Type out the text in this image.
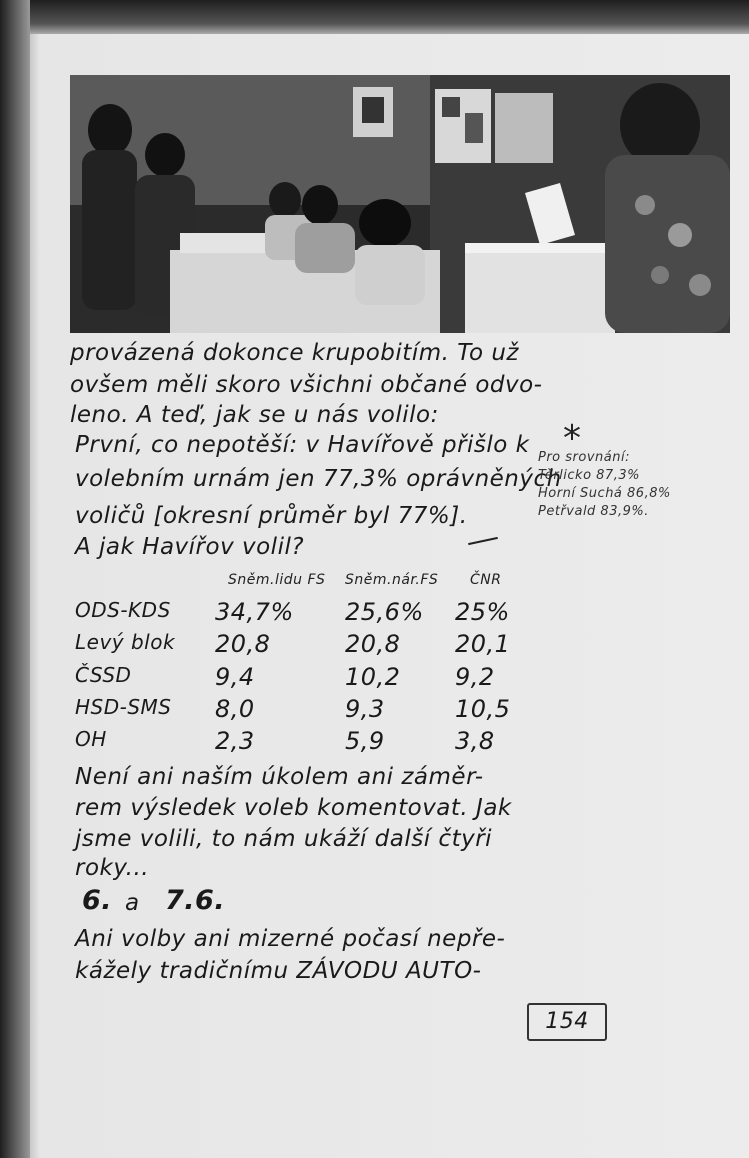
provázená dokonce krupobitím. To už
ovšem měli skoro všichni občané odvo-
leno. A teď, jak se u nás volilo:
První, co nepotěší: v Havířově přišlo k
volebním urnám jen 77,3% oprávněných
voličů [okresní průměr byl 77%].
A jak Havířov volil?
*
Pro srovnání:
Těrlicko 87,3%
Horní Suchá 86,8%
Petřvald 83,9%.
Sněm.lidu FS Sněm.nár.FS ČNR
ODS-KDS 34,7% 25,6% 25%
Levý blok 20,8	20,8 20,1
ČSSD	9,4	10,2 9,2
HSD-SMS 8,0	9,3	10,5
OH	2,3	5,9	3,8
Není ani naším úkolem ani záměr-
rem výsledek voleb komentovat. Jak
jsme volili, to nám ukáží další čtyři
roky...
6. a 7.6.
Ani volby ani mizerné počasí nepře-
kážely tradičnímu ZÁVODU AUTO-
154
